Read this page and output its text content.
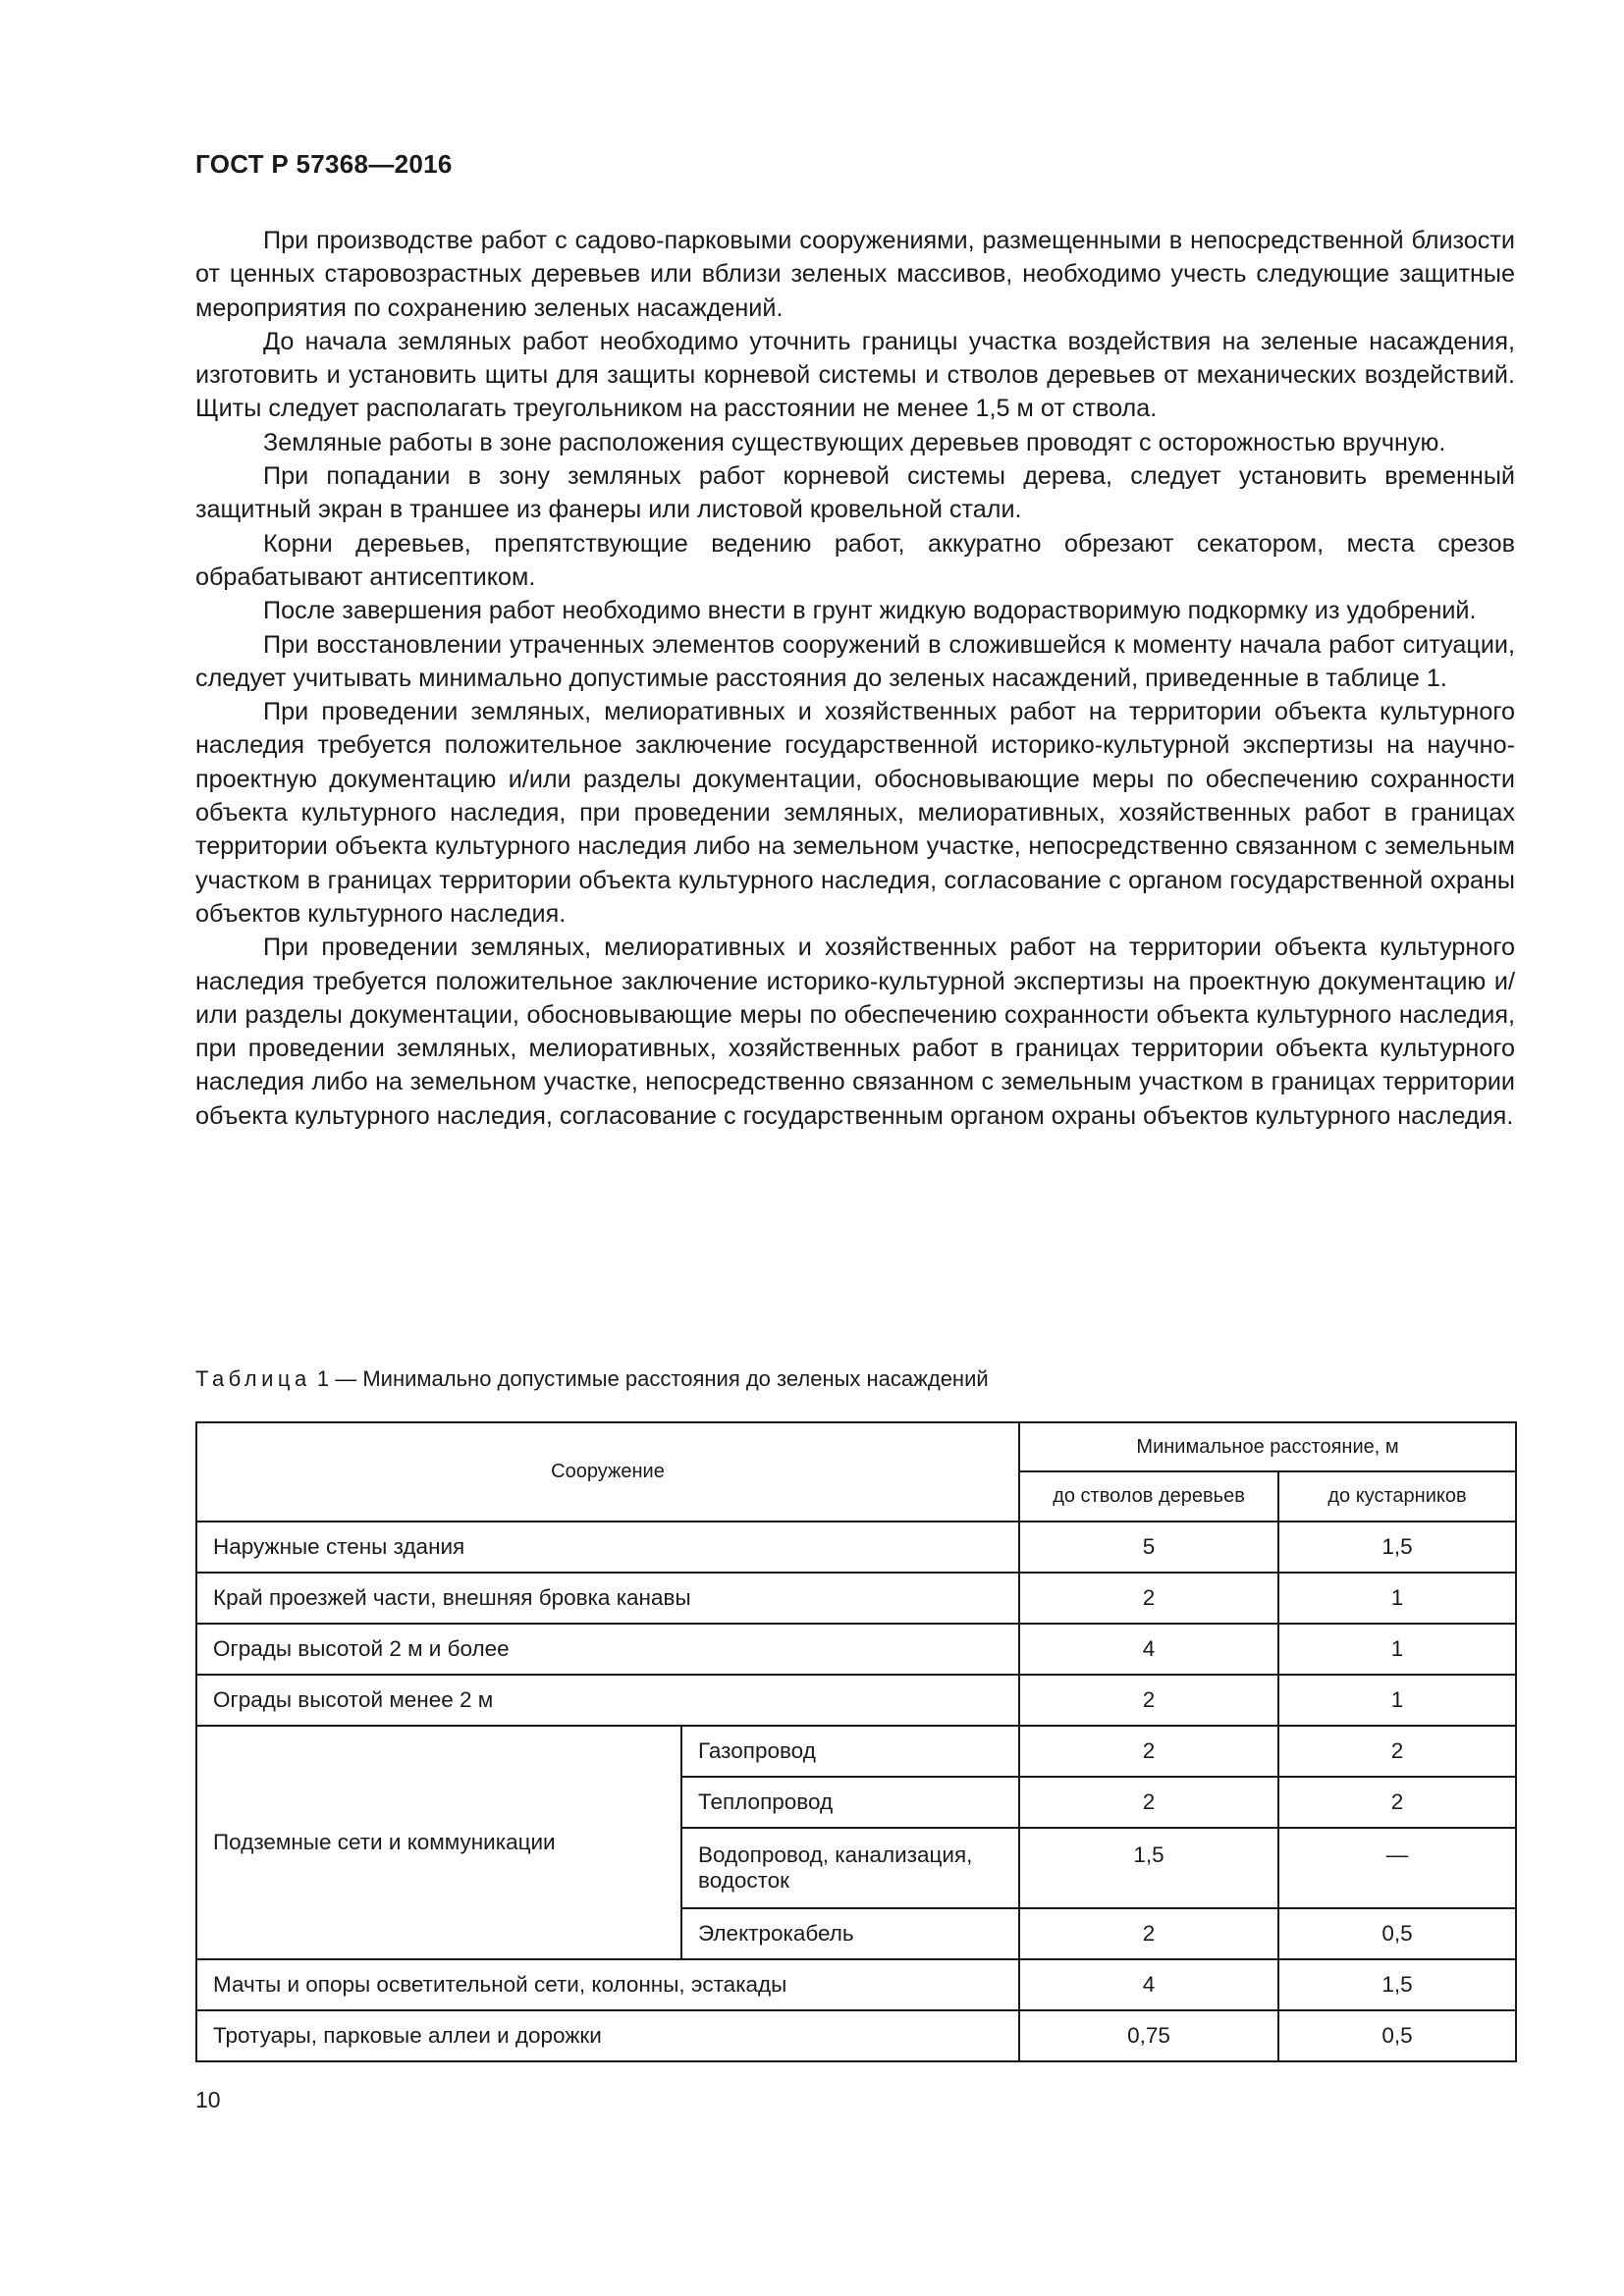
ГОСТ Р 57368—2016

При производстве работ с садово-парковыми сооружениями, размещенными в непосредственной близости от ценных старовозрастных деревьев или вблизи зеленых массивов, необходимо учесть следующие защитные мероприятия по сохранению зеленых насаждений.

До начала земляных работ необходимо уточнить границы участка воздействия на зеленые насаждения, изготовить и установить щиты для защиты корневой системы и стволов деревьев от механических воздействий. Щиты следует располагать треугольником на расстоянии не менее 1,5 м от ствола.

Земляные работы в зоне расположения существующих деревьев проводят с осторожностью вручную.

При попадании в зону земляных работ корневой системы дерева, следует установить временный защитный экран в траншее из фанеры или листовой кровельной стали.

Корни деревьев, препятствующие ведению работ, аккуратно обрезают секатором, места срезов обрабатывают антисептиком.

После завершения работ необходимо внести в грунт жидкую водорастворимую подкормку из удобрений.

При восстановлении утраченных элементов сооружений в сложившейся к моменту начала работ ситуации, следует учитывать минимально допустимые расстояния до зеленых насаждений, приведенные в таблице 1.

При проведении земляных, мелиоративных и хозяйственных работ на территории объекта культурного наследия требуется положительное заключение государственной историко-культурной экспертизы на научно-проектную документацию и/или разделы документации, обосновывающие меры по обеспечению сохранности объекта культурного наследия, при проведении земляных, мелиоративных, хозяйственных работ в границах территории объекта культурного наследия либо на земельном участке, непосредственно связанном с земельным участком в границах территории объекта культурного наследия, согласование с органом государственной охраны объектов культурного наследия.

При проведении земляных, мелиоративных и хозяйственных работ на территории объекта культурного наследия требуется положительное заключение историко-культурной экспертизы на проектную документацию и/или разделы документации, обосновывающие меры по обеспечению сохранности объекта культурного наследия, при проведении земляных, мелиоративных, хозяйственных работ в границах территории объекта культурного наследия либо на земельном участке, непосредственно связанном с земельным участком в границах территории объекта культурного наследия, согласование с государственным органом охраны объектов культурного наследия.

Таблица 1 — Минимально допустимые расстояния до зеленых насаждений
Сооружение		Минимальное расстояние, м	
		до стволов деревьев	до кустарников
Наружные стены здания		5	1,5
Край проезжей части, внешняя бровка канавы		2	1
Ограды высотой 2 м и более		4	1
Ограды высотой менее 2 м		2	1
Подземные сети и коммуникации	Газопровод	2	2
	Теплопровод	2	2
	Водопровод, канализация, водосток	1,5	—
	Электрокабель	2	0,5
Мачты и опоры осветительной сети, колонны, эстакады		4	1,5
Тротуары, парковые аллеи и дорожки		0,75	0,5
10
